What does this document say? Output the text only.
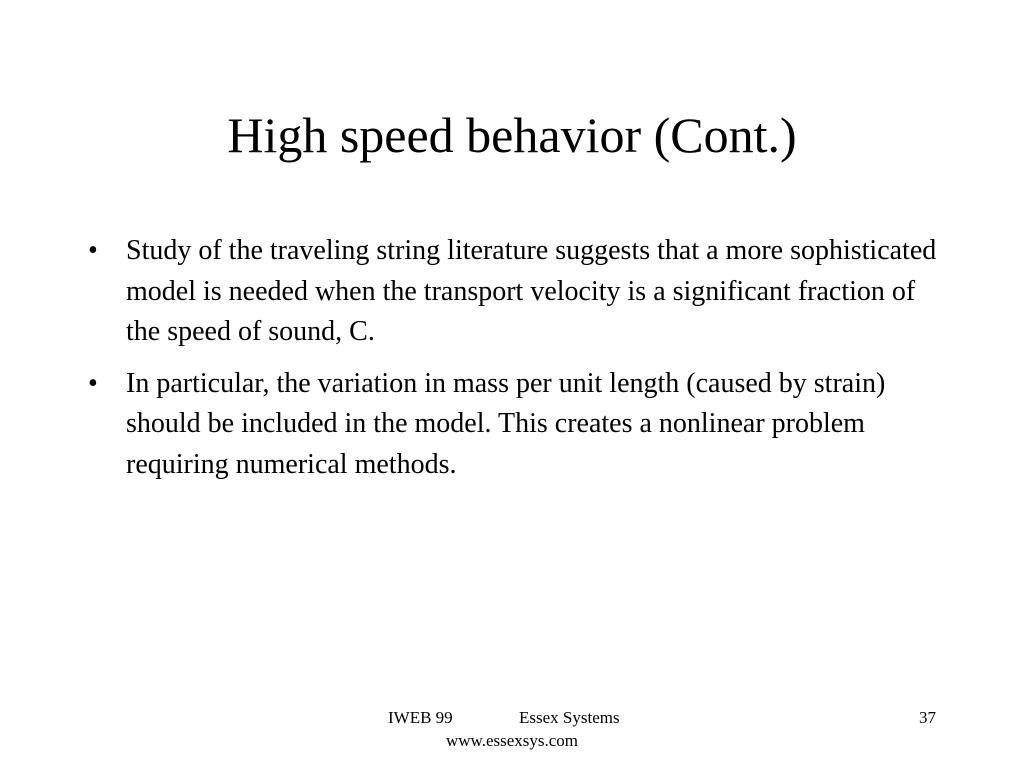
High speed behavior (Cont.)
•	Study of the traveling string literature suggests that a more sophisticated model is needed when the transport velocity is a significant fraction of the speed of sound, C.
•	In particular, the variation in mass per unit length (caused by strain) should be included in the model. This creates a nonlinear problem requiring numerical methods.
IWEB 99	Essex Systems
www.essexsys.com
37
